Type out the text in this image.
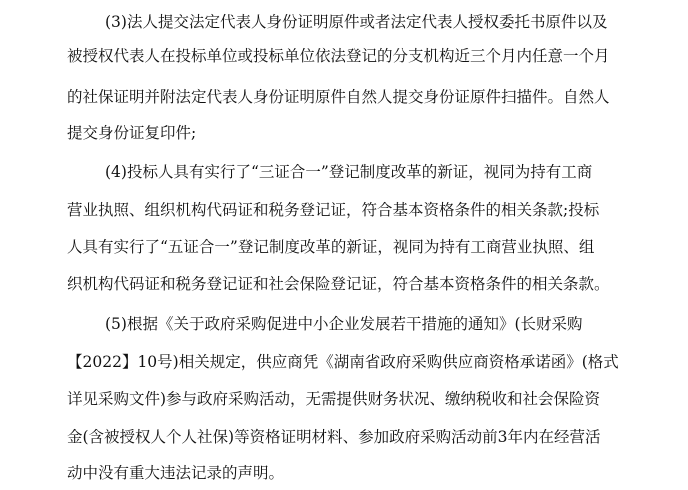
(3)法人提交法定代表人身份证明原件或者法定代表人授权委托书原件以及
被授权代表人在投标单位或投标单位依法登记的分支机构近三个月内任意一个月
的社保证明并附法定代表人身份证明原件自然人提交身份证原件扫描件。自然人
提交身份证复印件;
(4)投标人具有实行了“三证合一”登记制度改革的新证，视同为持有工商
营业执照、组织机构代码证和税务登记证，符合基本资格条件的相关条款;投标
人具有实行了“五证合一”登记制度改革的新证，视同为持有工商营业执照、组
织机构代码证和税务登记证和社会保险登记证，符合基本资格条件的相关条款。
(5)根据《关于政府采购促进中小企业发展若干措施的通知》(长财采购
【2022】10号)相关规定，供应商凭《湖南省政府采购供应商资格承诺函》(格式
详见采购文件)参与政府采购活动，无需提供财务状况、缴纳税收和社会保险资
金(含被授权人个人社保)等资格证明材料、参加政府采购活动前3年内在经营活
动中没有重大违法记录的声明。
